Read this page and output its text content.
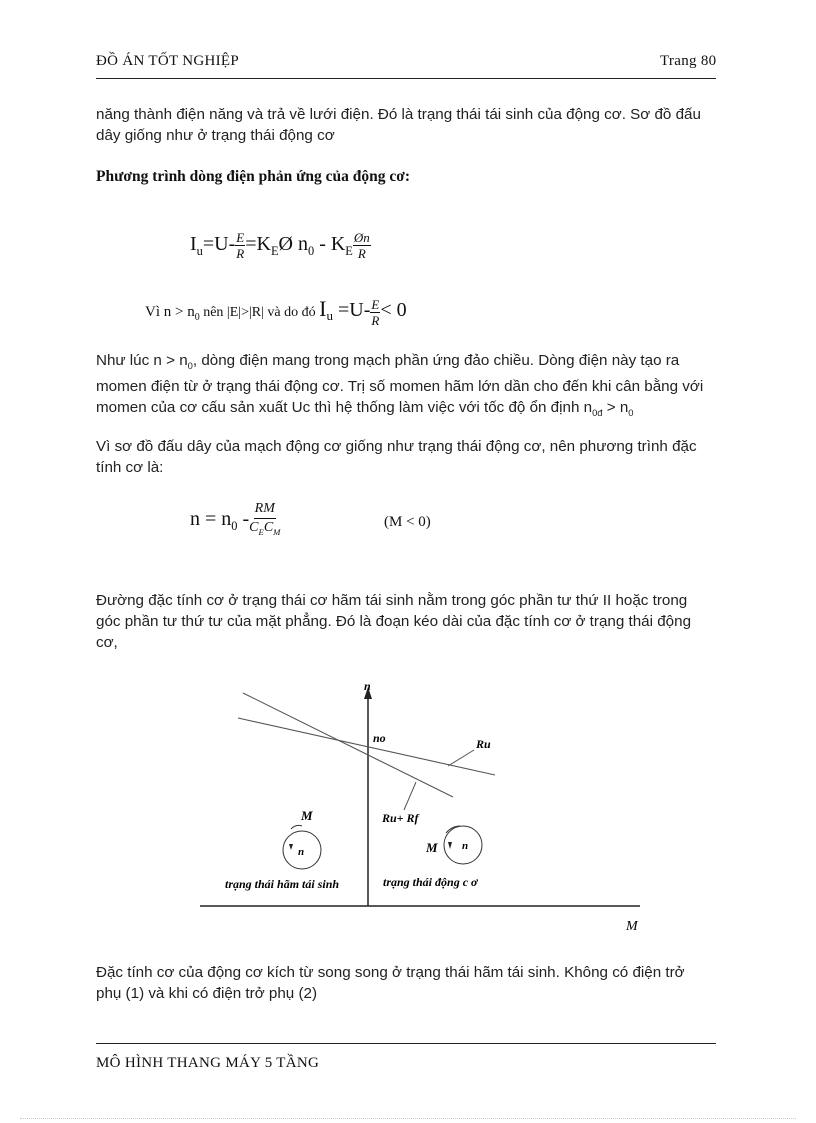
ĐỒ ÁN TỐT NGHIỆP	Trang 80

năng thành điện năng và trả về lưới điện. Đó là trạng thái tái sinh của động cơ. Sơ đồ đấu

dây giống như ở trạng thái động cơ

Phương trình dòng điện phản ứng của động cơ:
$I_u=U- \frac{E}{R}$ $=K_EØ$ $n_0 - K_E \frac{Øn}{R}$
Vì $n > n_0$ nên |E|>|R| và do đó $I_u =U- \frac{E}{R} < 0$

Như lúc $n > n_0$, dòng điện mang trong mạch phần ứng đảo chiều. Dòng điện này tạo ra

momen điện từ ở trạng thái động cơ. Trị số momen hãm lớn dần cho đến khi cân bằng với

momen của cơ cấu sản xuất Uc thì hệ thống làm việc với tốc độ ổn định $n_{0đ} > n_0$

Vì sơ đồ đấu dây của mạch động cơ giống như trạng thái động cơ, nên phương trình đặc

tính cơ là:

$n = n_0 - \frac{RM}{C_EC_M}$	(M < 0)

Đường đặc tính cơ ở trạng thái cơ hãm tái sinh nằm trong góc phần tư thứ II hoặc trong

góc phần tư thứ tư của mặt phẳng. Đó là đoạn kéo dài của đặc tính cơ ở trạng thái động

cơ,

n
M
no	Ru
Ru+ Rf
M
n
trạng thái hãm tái sinh
M n
trạng thái động c ơ

Đặc tính cơ của động cơ kích từ song song ở trạng thái hãm tái sinh. Không có điện trở

phụ (1) và khi có điện trở phụ (2)

MÔ HÌNH THANG MÁY 5 TẦNG
